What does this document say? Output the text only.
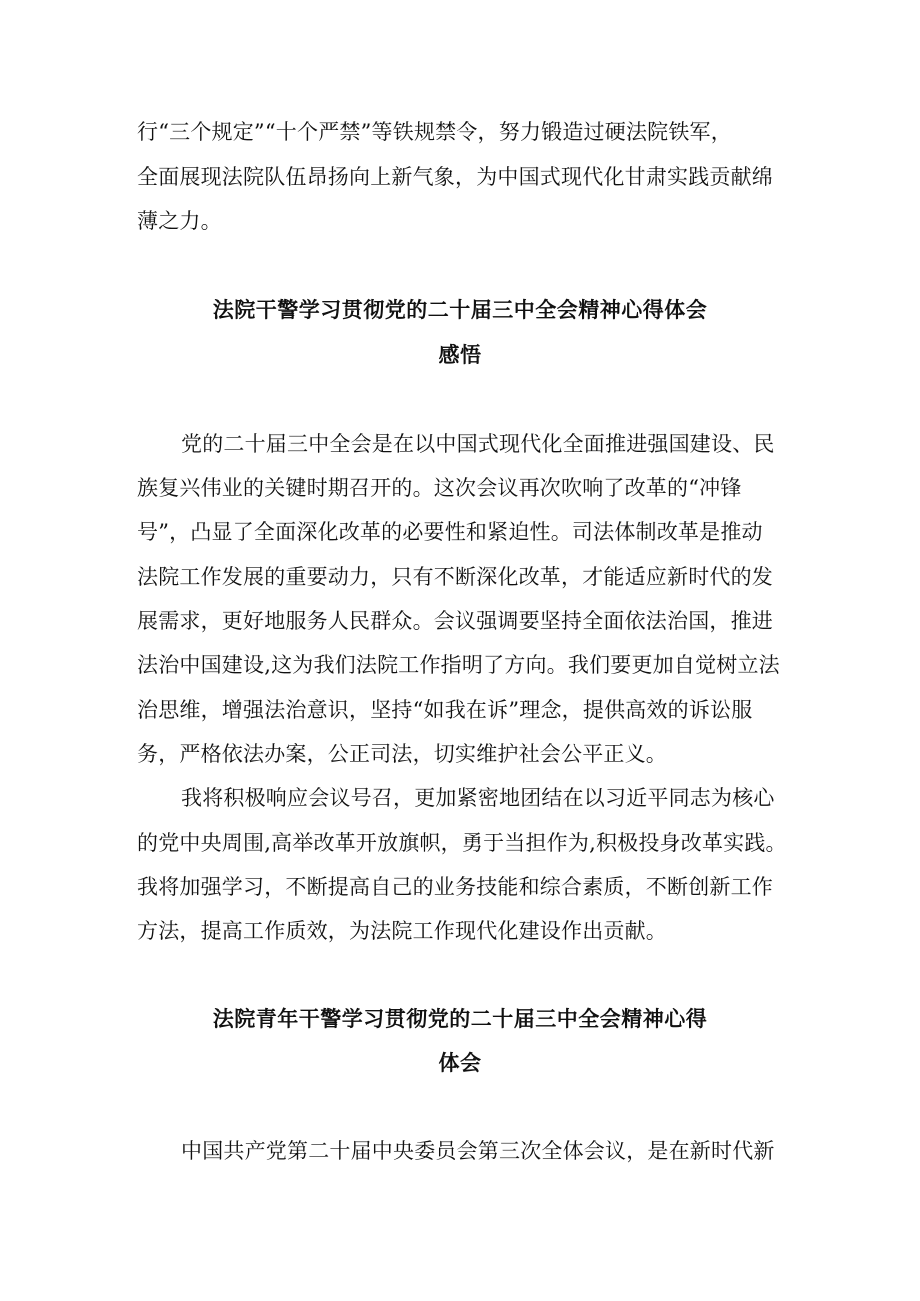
行“三个规定”“十个严禁”等铁规禁令，努力锻造过硬法院铁军，
全面展现法院队伍昂扬向上新气象，为中国式现代化甘肃实践贡献绵
薄之力。
法院干警学习贯彻党的二十届三中全会精神心得体会
感悟
党的二十届三中全会是在以中国式现代化全面推进强国建设、民
族复兴伟业的关键时期召开的。这次会议再次吹响了改革的“冲锋
号”，凸显了全面深化改革的必要性和紧迫性。司法体制改革是推动
法院工作发展的重要动力，只有不断深化改革，才能适应新时代的发
展需求，更好地服务人民群众。会议强调要坚持全面依法治国，推进
法治中国建设,这为我们法院工作指明了方向。我们要更加自觉树立法
治思维，增强法治意识，坚持“如我在诉”理念，提供高效的诉讼服
务，严格依法办案，公正司法，切实维护社会公平正义。
我将积极响应会议号召，更加紧密地团结在以习近平同志为核心
的党中央周围,高举改革开放旗帜，勇于当担作为,积极投身改革实践。
我将加强学习，不断提高自己的业务技能和综合素质，不断创新工作
方法，提高工作质效，为法院工作现代化建设作出贡献。
法院青年干警学习贯彻党的二十届三中全会精神心得
体会
中国共产党第二十届中央委员会第三次全体会议，是在新时代新
